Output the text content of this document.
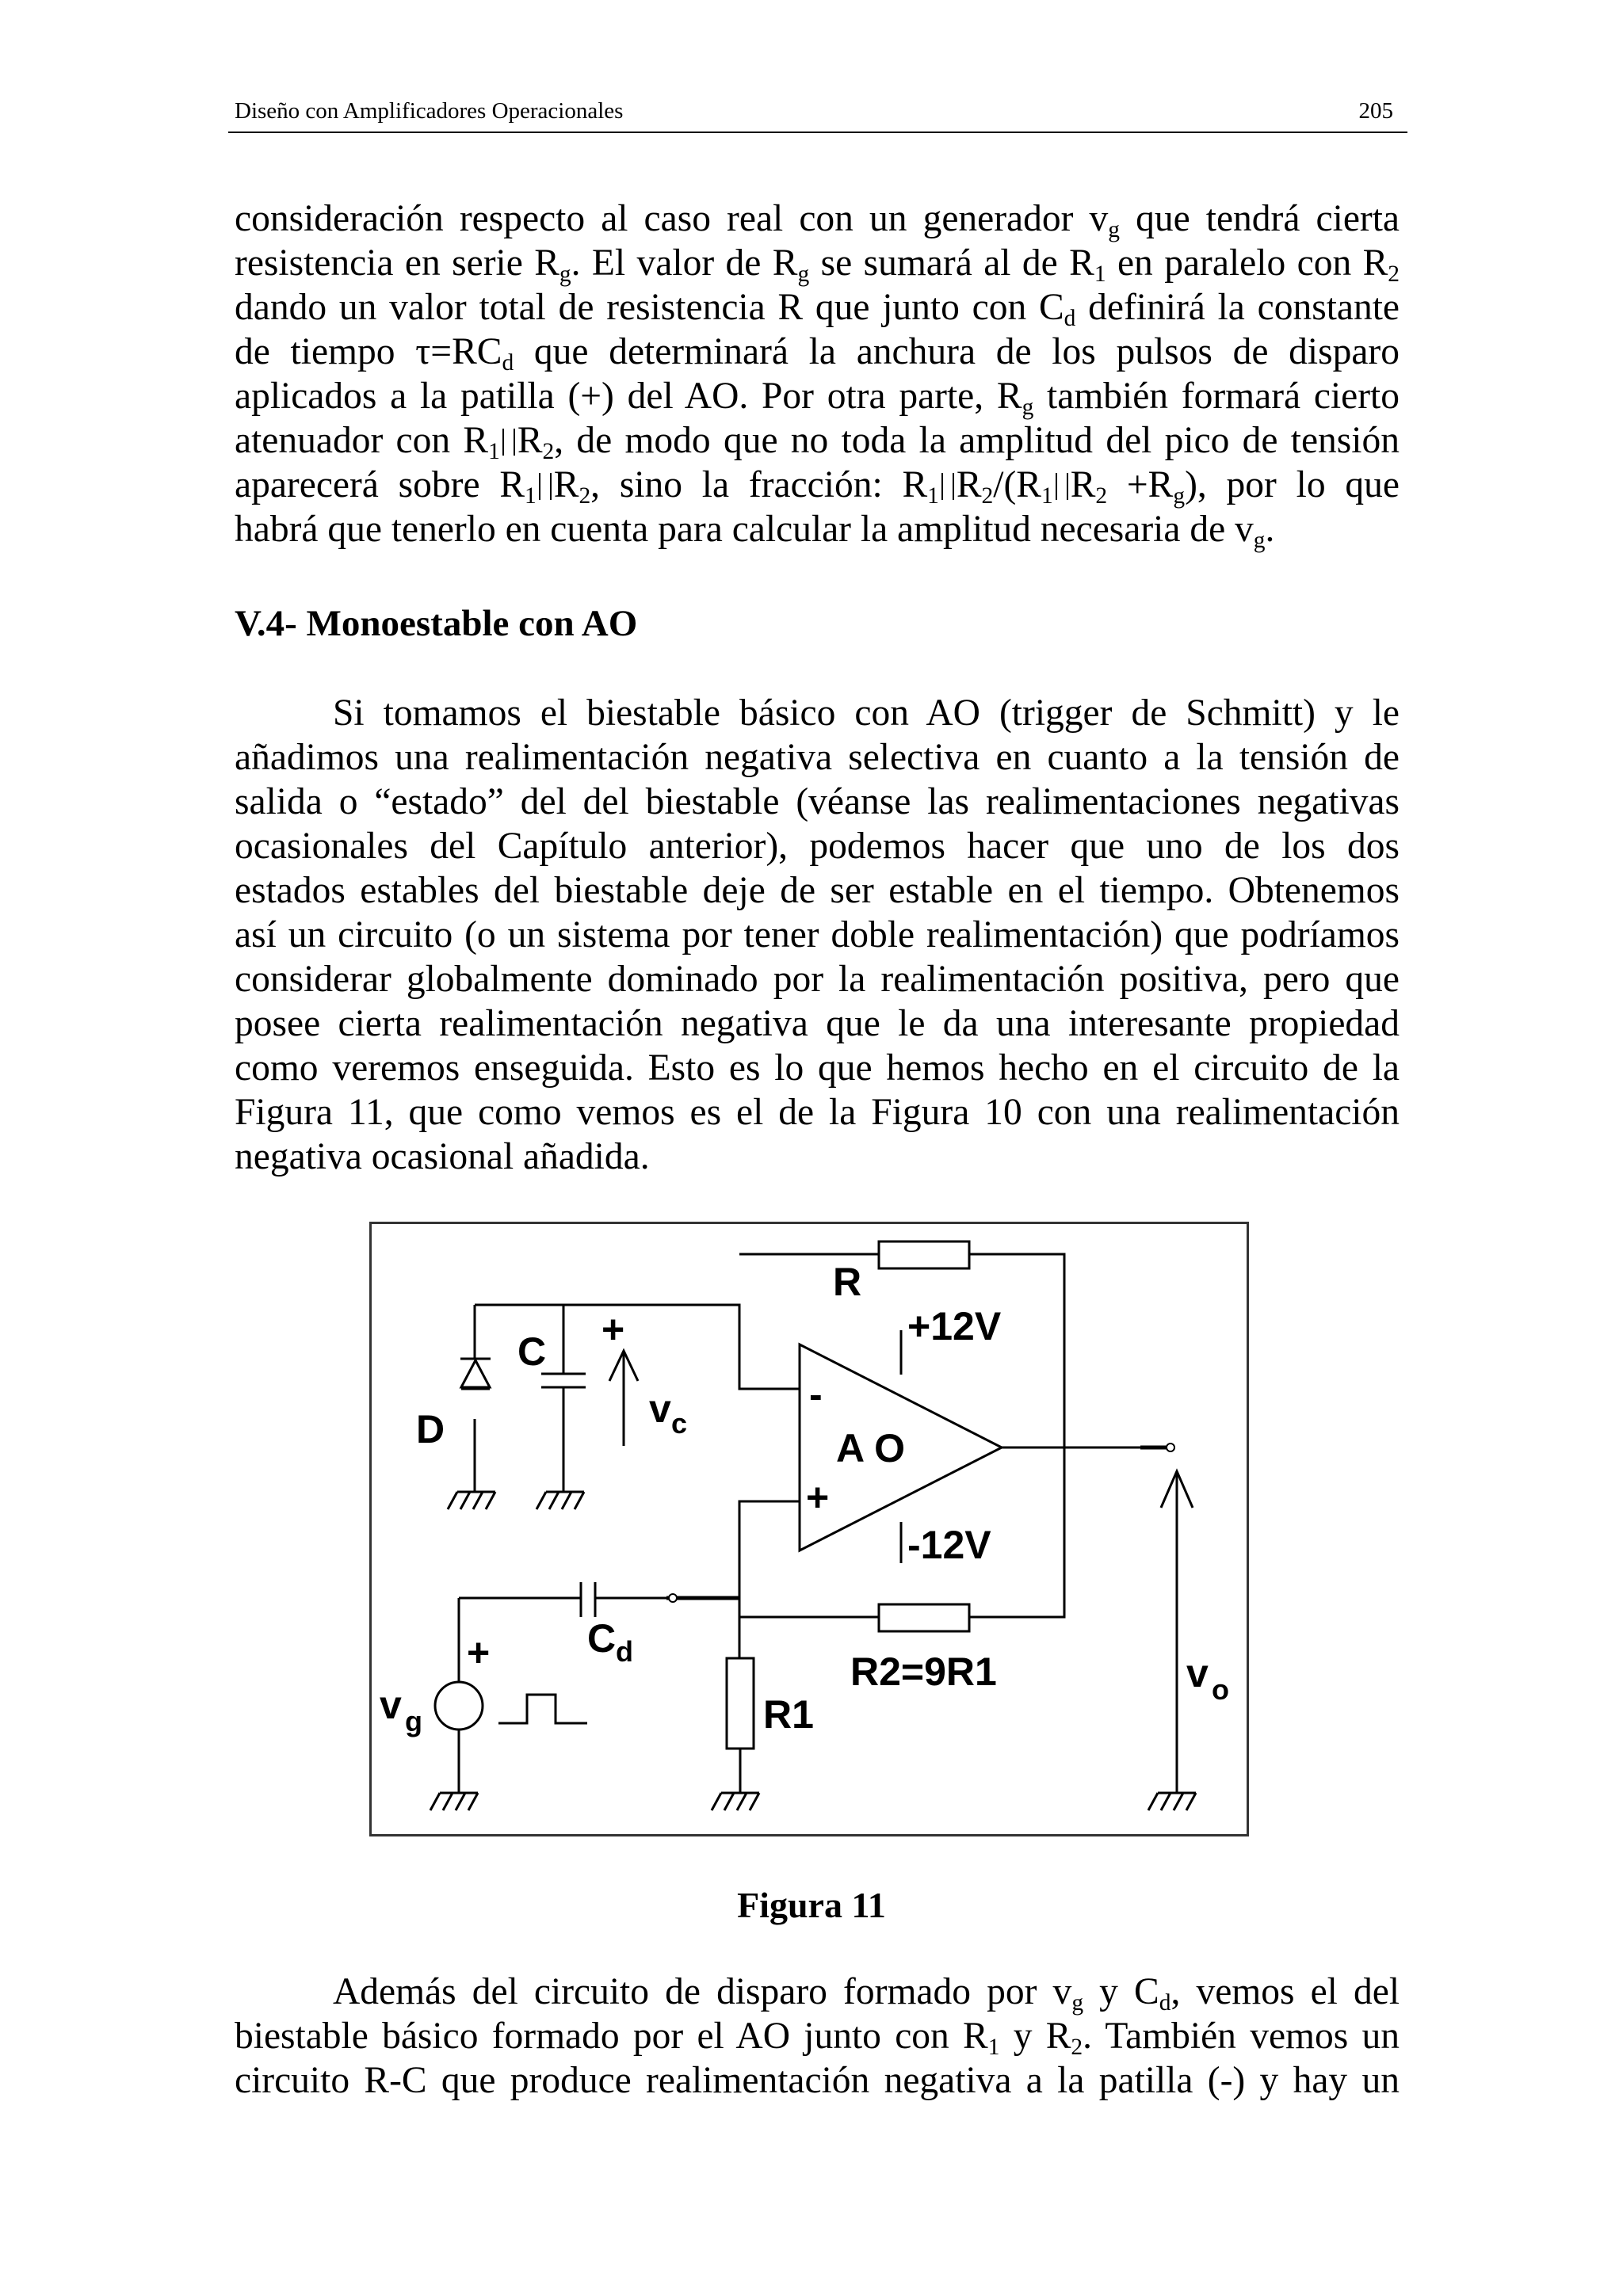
Diseño con Amplificadores Operacionales	205
consideración respecto al caso real con un generador $v_g$ que tendrá cierta
resistencia en serie $R_g$. El valor de $R_g$ se sumará al de $R_1$ en paralelo con $R_2$
dando un valor total de resistencia R que junto con $C_d$ definirá la constante
de tiempo $\tau=RC_d$ que determinará la anchura de los pulsos de disparo
aplicados a la patilla (+) del AO. Por otra parte, $R_g$ también formará cierto
atenuador con $R_1$ $R_2$, de modo que no toda la amplitud del pico de tensión
aparecerá sobre $R_1$ $R_2$, sino la fracción: $R_1$ $R_2/(R_1$ $R_2 +R_g$), por lo que
habrá que tenerlo en cuenta para calcular la amplitud necesaria de $v_g$.
V.4- Monoestable con AO
Si tomamos el biestable básico con AO (trigger de Schmitt) y le
añadimos una realimentación negativa selectiva en cuanto a la tensión de
salida o “estado” del del biestable (véanse las realimentaciones negativas
ocasionales del Capítulo anterior), podemos hacer que uno de los dos
estados estables del biestable deje de ser estable en el tiempo. Obtenemos
así un circuito (o un sistema por tener doble realimentación) que podríamos
considerar globalmente dominado por la realimentación positiva, pero que
posee cierta realimentación negativa que le da una interesante propiedad
como veremos enseguida. Esto es lo que hemos hecho en el circuito de la
Figura 11, que como vemos es el de la Figura 10 con una realimentación
negativa ocasional añadida.
R
+12V
-
A O
+
-12V
C +
v c
D
C d
+
v g	R1
R2=9R1	v o
Figura 11
Además del circuito de disparo formado por $v_g$ y $C_d$, vemos el del
biestable básico formado por el AO junto con $R_1$ y $R_2$. También vemos un
circuito R-C que produce realimentación negativa a la patilla (-) y hay un
